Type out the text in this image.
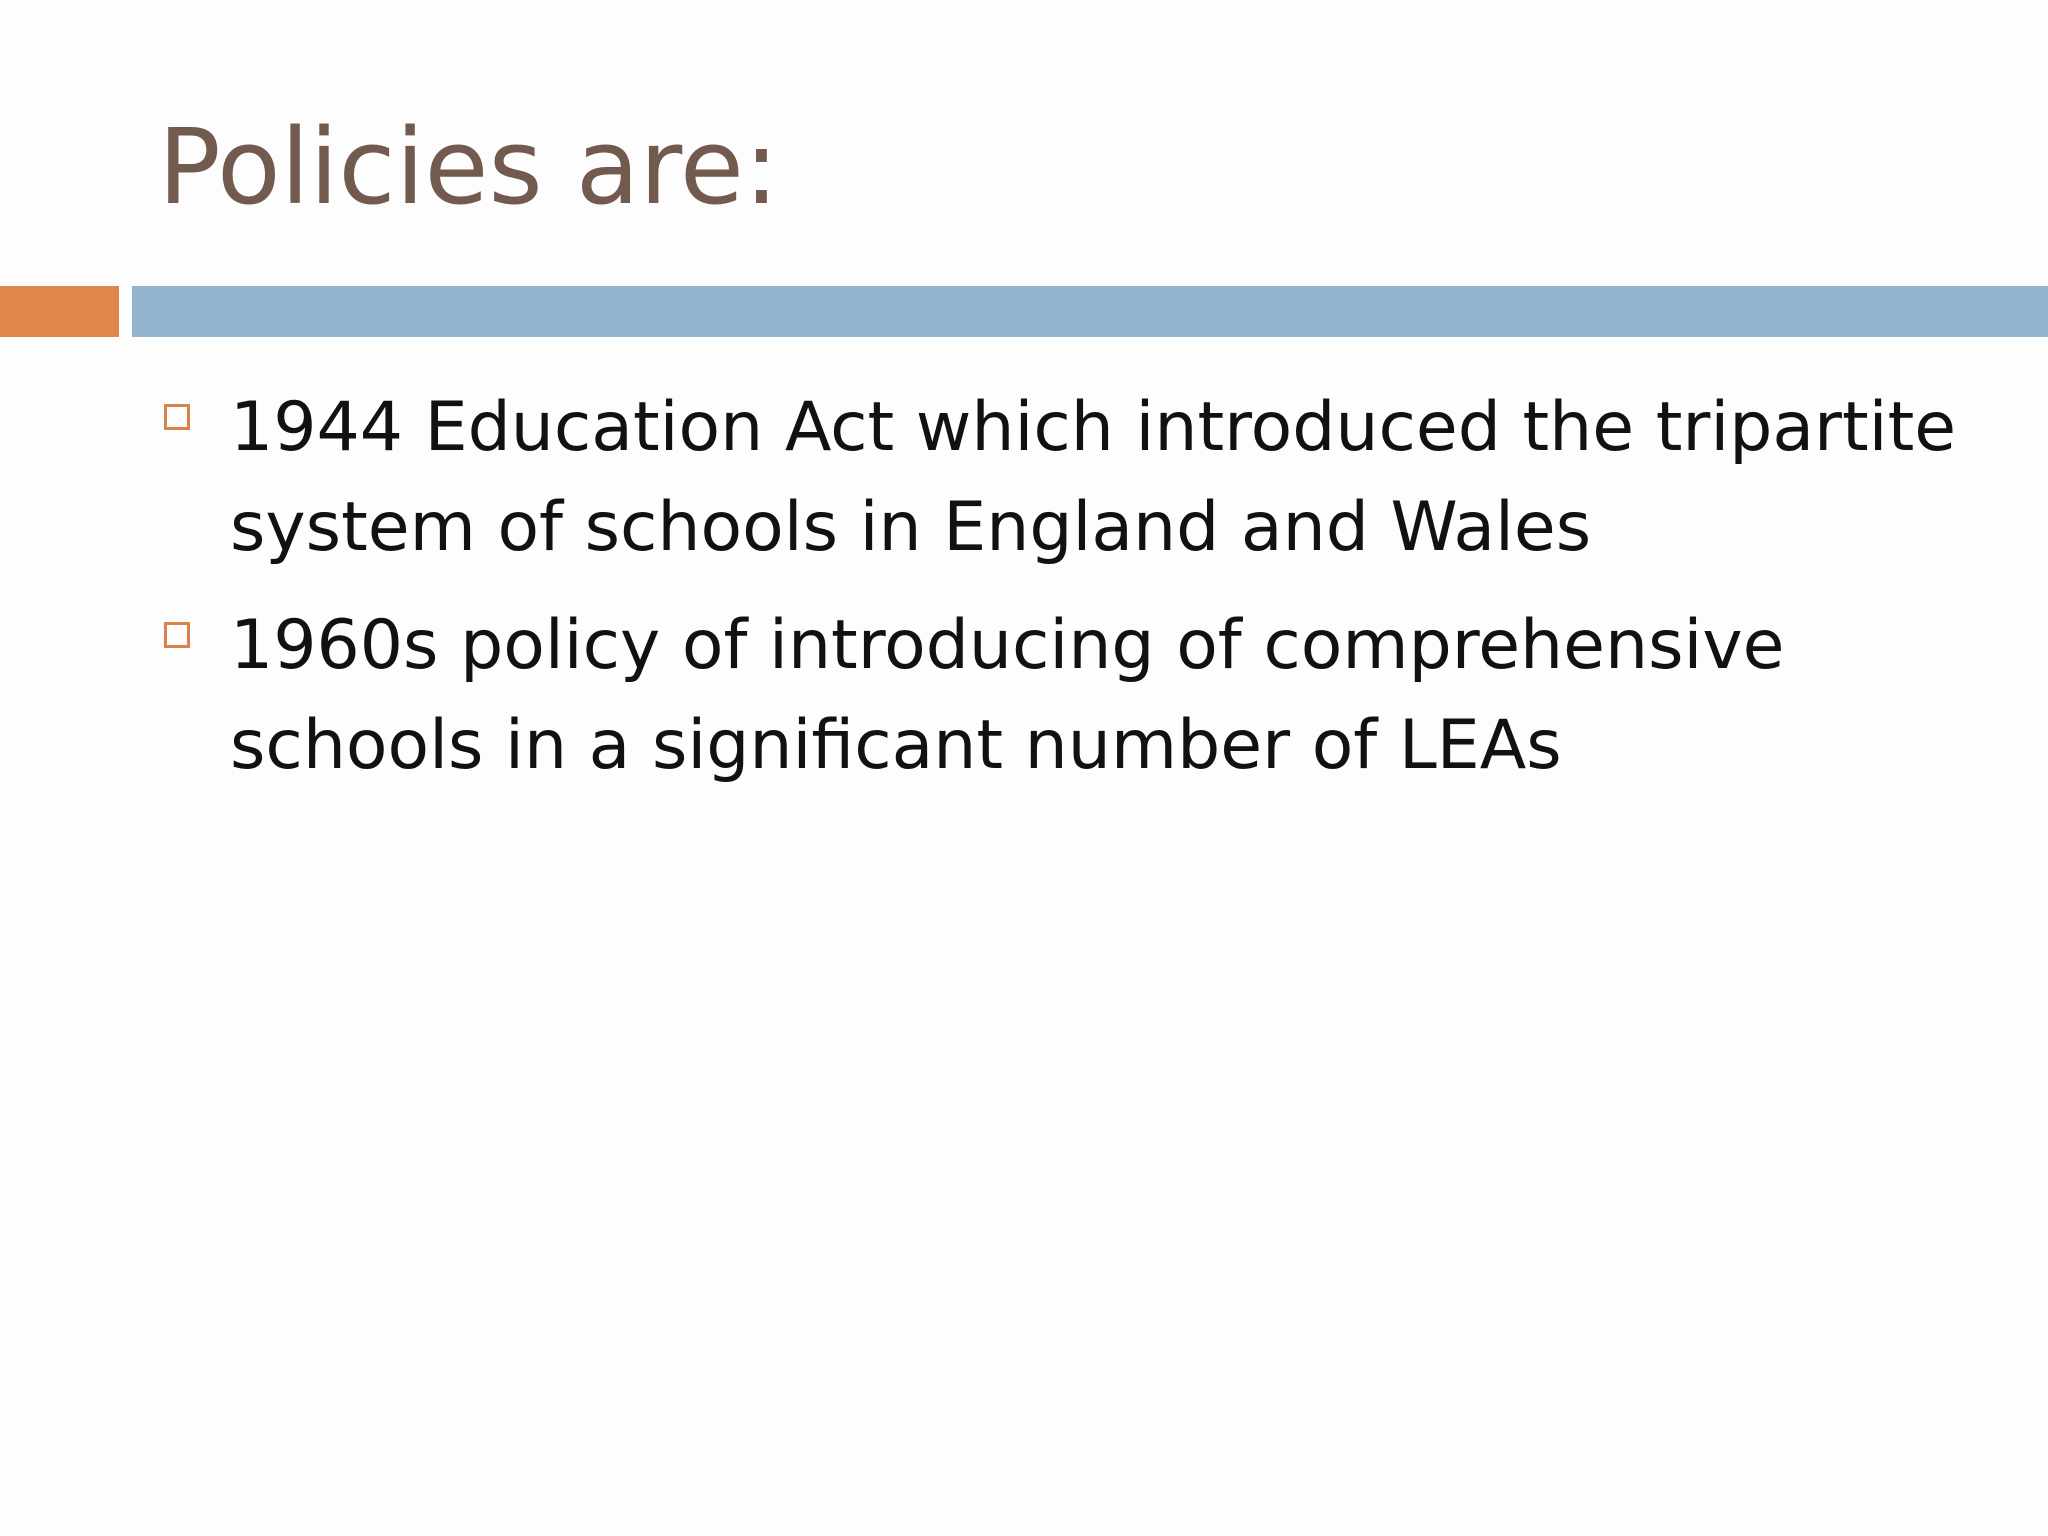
Policies are:
1944 Education Act which introduced the tripartite system of schools in England and Wales
1960s policy of introducing of comprehensive schools in a significant number of LEAs
